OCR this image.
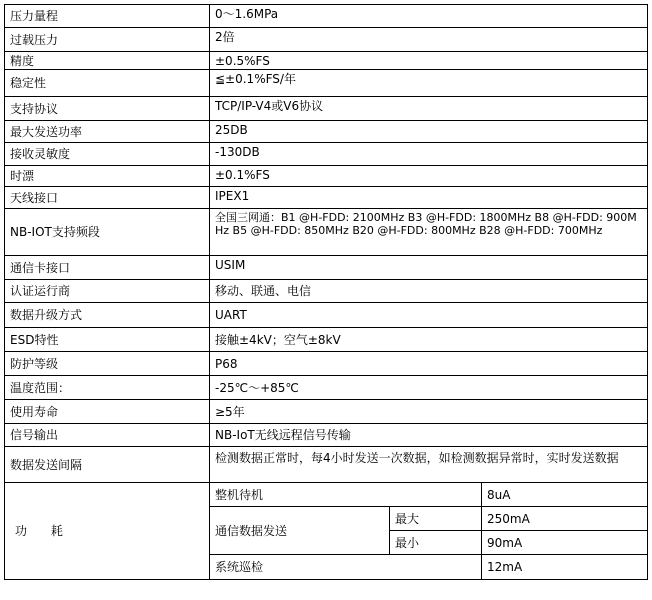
压力量程	0～1.6MPa		
过载压力	2倍		
精度	±0.5%FS		
稳定性	≦±0.1%FS/年		
支持协议	TCP/IP-V4或V6协议		
最大发送功率	25DB		
接收灵敏度	-130DB		
时漂	±0.1%FS		
天线接口	IPEX1		
NB-IOT支持频段	全国三网通：B1 @H-FDD: 2100MHz B3 @H-FDD: 1800MHz B8 @H-FDD: 900MHz B5 @H-FDD: 850MHz B20 @H-FDD: 800MHz B28 @H-FDD: 700MHz		
通信卡接口	USIM		
认证运行商	移动、联通、电信		
数据升级方式	UART		
ESD特性	接触±4kV；空气±8kV		
防护等级	P68		
温度范围：	-25℃～+85℃		
使用寿命	≥5年		
信号输出	NB-IoT无线远程信号传输		
数据发送间隔	检测数据正常时，每4小时发送一次数据，如检测数据异常时，实时发送数据		
功 耗	整机待机		8uA
	通信数据发送	最大	250mA
		最小	90mA
	系统巡检		12mA
